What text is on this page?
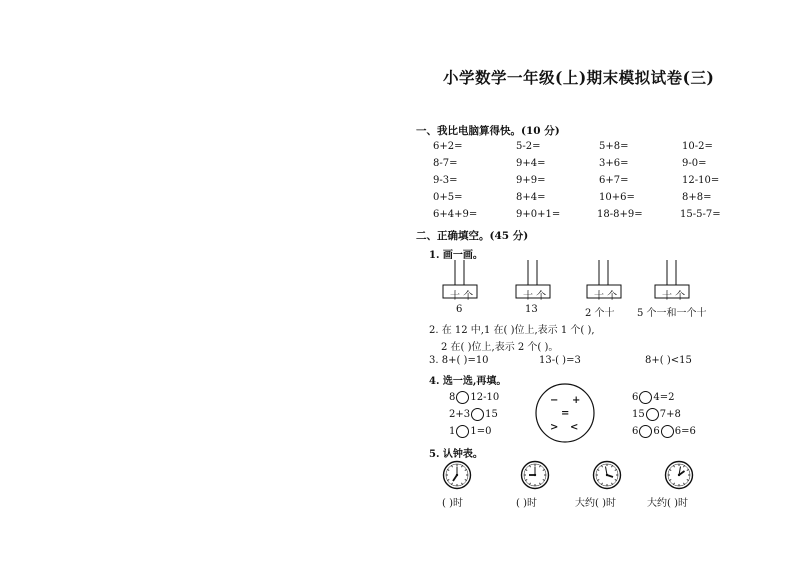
小学数学一年级(上)期末模拟试卷(三)
一、我比电脑算得快。(10 分)
6+2=	5-2=	5+8=	10-2=
8-7=	9+4=	3+6=	9-0=
9-3=	9+9=	6+7=	12-10=
0+5=	8+4=	10+6=	8+8=
6+4+9=	9+0+1=	18-8+9=	15-5-7=
二、正确填空。(45 分)
1. 画一画。
十 个	十 个	十 个	十 个
6	13	2 个十 5 个一和一个十
2. 在 12 中,1 在( )位上,表示 1 个( ),
2 在( )位上,表示 2 个( )。
3. 8+( )=10	13-( )=3	8+( )<15
4. 选一选,再填。
8 12-10
2+3 15
1 1=0
− +
=
> <
6 4=2
15 7+8
6 6 6=6
5. 认钟表。
( )时	( )时	大约( )时	大约( )时
